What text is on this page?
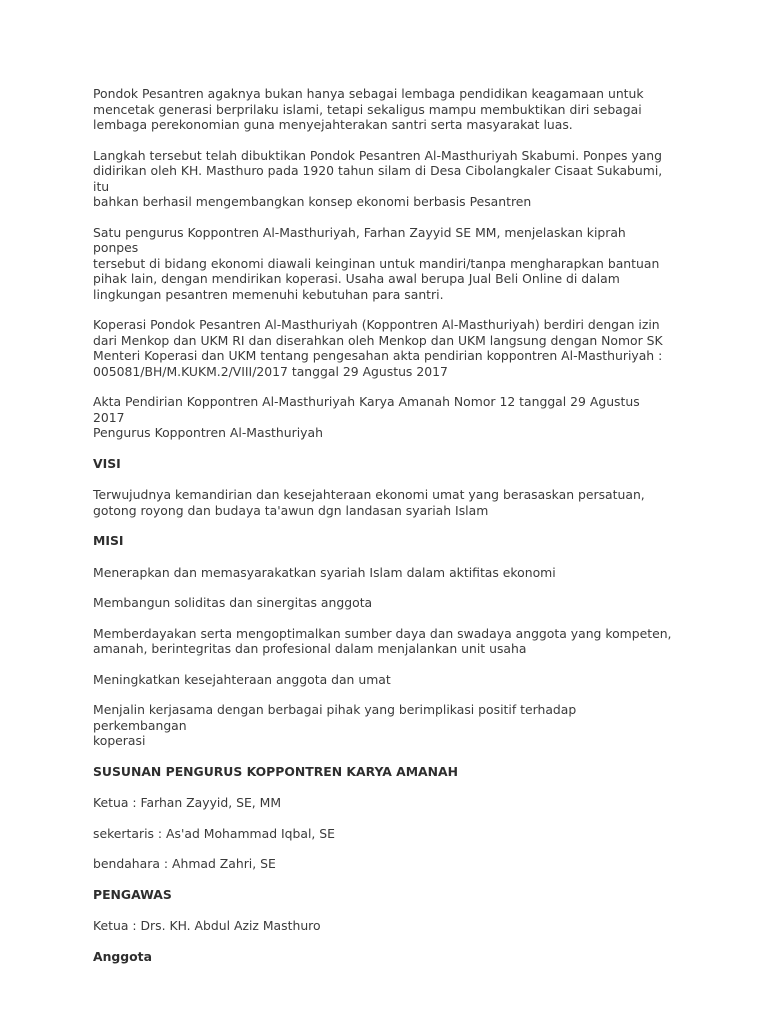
Pondok Pesantren agaknya bukan hanya sebagai lembaga pendidikan keagamaan untuk
mencetak generasi berprilaku islami, tetapi sekaligus mampu membuktikan diri sebagai
lembaga perekonomian guna menyejahterakan santri serta masyarakat luas.

Langkah tersebut telah dibuktikan Pondok Pesantren Al-Masthuriyah Skabumi. Ponpes yang
didirikan oleh KH. Masthuro pada 1920 tahun silam di Desa Cibolangkaler Cisaat Sukabumi, itu
bahkan berhasil mengembangkan konsep ekonomi berbasis Pesantren

Satu pengurus Koppontren Al-Masthuriyah, Farhan Zayyid SE MM, menjelaskan kiprah ponpes
tersebut di bidang ekonomi diawali keinginan untuk mandiri/tanpa mengharapkan bantuan
pihak lain, dengan mendirikan koperasi. Usaha awal berupa Jual Beli Online di dalam
lingkungan pesantren memenuhi kebutuhan para santri.

Koperasi Pondok Pesantren Al-Masthuriyah (Koppontren Al-Masthuriyah) berdiri dengan izin
dari Menkop dan UKM RI dan diserahkan oleh Menkop dan UKM langsung dengan Nomor SK
Menteri Koperasi dan UKM tentang pengesahan akta pendirian koppontren Al-Masthuriyah :
005081/BH/M.KUKM.2/VIII/2017 tanggal 29 Agustus 2017

Akta Pendirian Koppontren Al-Masthuriyah Karya Amanah Nomor 12 tanggal 29 Agustus 2017
Pengurus Koppontren Al-Masthuriyah

VISI

Terwujudnya kemandirian dan kesejahteraan ekonomi umat yang berasaskan persatuan,
gotong royong dan budaya ta'awun dgn landasan syariah Islam

MISI

Menerapkan dan memasyarakatkan syariah Islam dalam aktifitas ekonomi

Membangun soliditas dan sinergitas anggota

Memberdayakan serta mengoptimalkan sumber daya dan swadaya anggota yang kompeten,
amanah, berintegritas dan profesional dalam menjalankan unit usaha

Meningkatkan kesejahteraan anggota dan umat

Menjalin kerjasama dengan berbagai pihak yang berimplikasi positif terhadap perkembangan
koperasi

SUSUNAN PENGURUS KOPPONTREN KARYA AMANAH

Ketua : Farhan Zayyid, SE, MM

sekertaris : As'ad Mohammad Iqbal, SE

bendahara : Ahmad Zahri, SE

PENGAWAS

Ketua : Drs. KH. Abdul Aziz Masthuro

Anggota
